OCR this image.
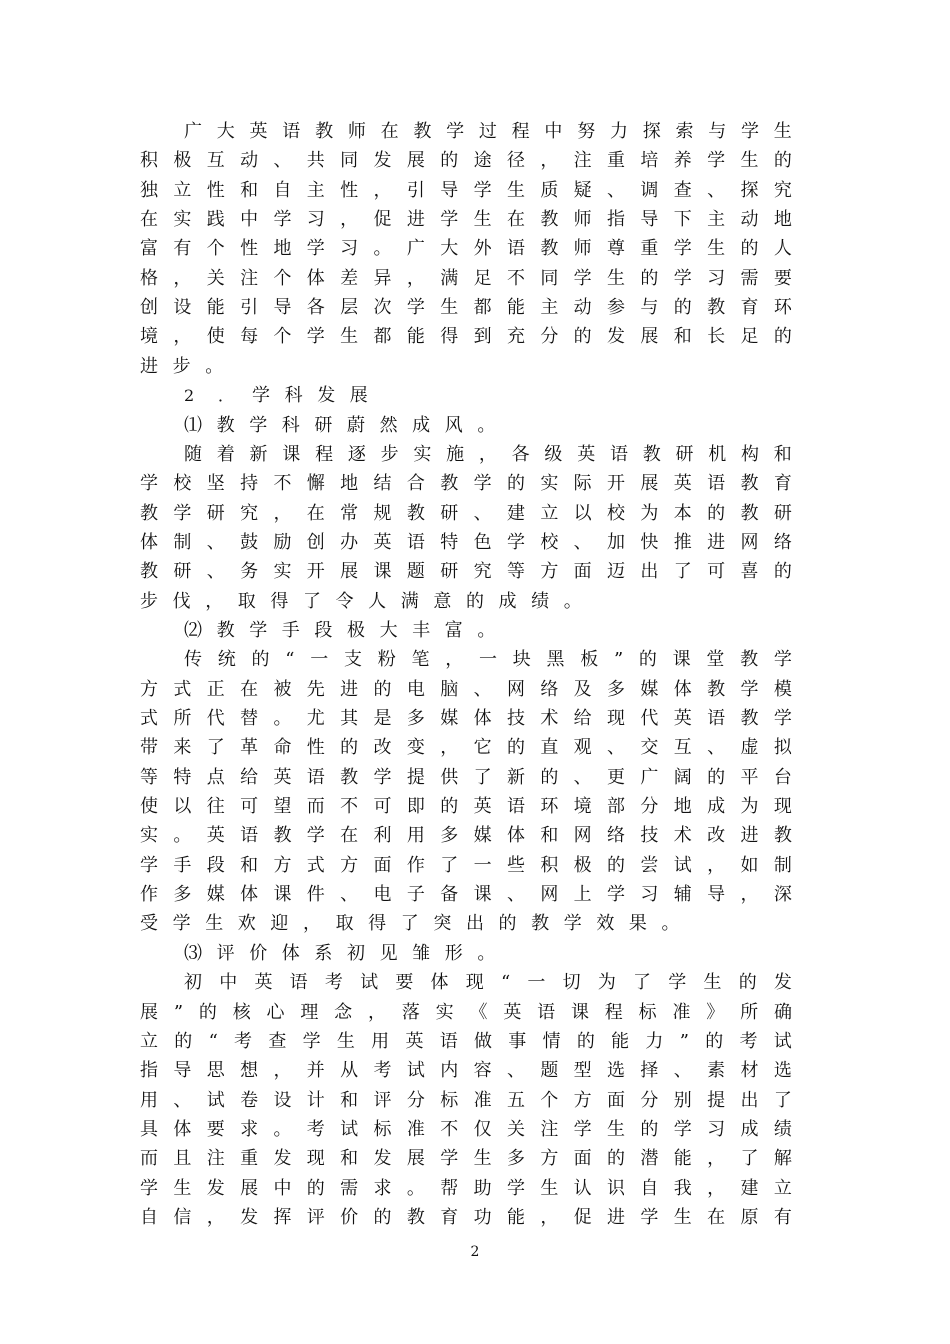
广 大 英 语 教 师 在 教 学 过 程 中 努 力 探 索 与 学 生
积 极 互 动 、 共 同 发 展 的 途 径 ， 注 重 培 养 学 生 的
独 立 性 和 自 主 性 ， 引 导 学 生 质 疑 、 调 查 、 探 究
在 实 践 中 学 习 ， 促 进 学 生 在 教 师 指 导 下 主 动 地
富 有 个 性 地 学 习 。 广 大 外 语 教 师 尊 重 学 生 的 人
格 ， 关 注 个 体 差 异 ， 满 足 不 同 学 生 的 学 习 需 要
创 设 能 引 导 各 层 次 学 生 都 能 主 动 参 与 的 教 育 环
境 ， 使 每 个 学 生 都 能 得 到 充 分 的 发 展 和 长 足 的
进 步 。
2	． 学 科 发 展
⑴ 教 学 科 研 蔚 然 成 风 。
随 着 新 课 程 逐 步 实 施 ， 各 级 英 语 教 研 机 构 和
学 校 坚 持 不 懈 地 结 合 教 学 的 实 际 开 展 英 语 教 育
教 学 研 究 ， 在 常 规 教 研 、 建 立 以 校 为 本 的 教 研
体 制 、 鼓 励 创 办 英 语 特 色 学 校 、 加 快 推 进 网 络
教 研 、 务 实 开 展 课 题 研 究 等 方 面 迈 出 了 可 喜 的
步 伐 ， 取 得 了 令 人 满 意 的 成 绩 。
⑵ 教 学 手 段 极 大 丰 富 。
传 统 的 “ 一 支 粉 笔 ， 一 块 黑 板 ” 的 课 堂 教 学
方 式 正 在 被 先 进 的 电 脑 、 网 络 及 多 媒 体 教 学 模
式 所 代 替 。 尤 其 是 多 媒 体 技 术 给 现 代 英 语 教 学
带 来 了 革 命 性 的 改 变 ， 它 的 直 观 、 交 互 、 虚 拟
等 特 点 给 英 语 教 学 提 供 了 新 的 、 更 广 阔 的 平 台
使 以 往 可 望 而 不 可 即 的 英 语 环 境 部 分 地 成 为 现
实 。 英 语 教 学 在 利 用 多 媒 体 和 网 络 技 术 改 进 教
学 手 段 和 方 式 方 面 作 了 一 些 积 极 的 尝 试 ， 如 制
作 多 媒 体 课 件 、 电 子 备 课 、 网 上 学 习 辅 导 ， 深
受 学 生 欢 迎 ， 取 得 了 突 出 的 教 学 效 果 。
⑶ 评 价 体 系 初 见 雏 形 。
初 中 英 语 考 试 要 体 现 “ 一 切 为 了 学 生 的 发
展 ” 的 核 心 理 念 ， 落 实 《 英 语 课 程 标 准 》 所 确
立 的 “ 考 查 学 生 用 英 语 做 事 情 的 能 力 ” 的 考 试
指 导 思 想 ， 并 从 考 试 内 容 、 题 型 选 择 、 素 材 选
用 、 试 卷 设 计 和 评 分 标 准 五 个 方 面 分 别 提 出 了
具 体 要 求 。 考 试 标 准 不 仅 关 注 学 生 的 学 习 成 绩
而 且 注 重 发 现 和 发 展 学 生 多 方 面 的 潜 能 ， 了 解
学 生 发 展 中 的 需 求 。 帮 助 学 生 认 识 自 我 ， 建 立
自 信 ， 发 挥 评 价 的 教 育 功 能 ， 促 进 学 生 在 原 有
2
